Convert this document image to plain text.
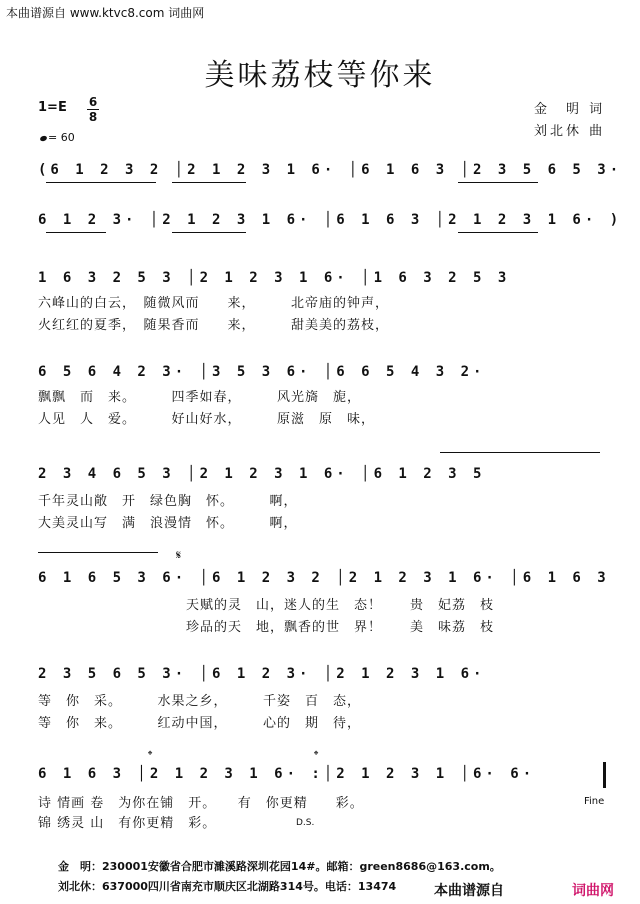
本曲谱源自 www.ktvc8.com 词曲网
美味荔枝等你来
1=E 6
8
= 60
金　明 词
刘北休 曲
(6 1 2 3 2 │2 1 2 3 1 6· │6 1 6 3 │2 3 5 6 5 3·
6 1 2 3· │2 1 2 3 1 6· │6 1 6 3 │2 1 2 3 1 6· )
1 6 3 2 5 3 │2 1 2 3 1 6· │1 6 3 2 5 3
六峰山的白云，　随微风而　　来，　　　北帝庙的钟声，
火红红的夏季，　随果香而　　来，　　　甜美美的荔枝，
6 5 6 4 2 3· │3 5 3 6· │6 6 5 4 3 2·
飘飘　而　来。　　　四季如春，　　　风光旖　旎，
人见　人　爱。　　　好山好水，　　　原滋　原　味，
2 3 4 6 5 3 │2 1 2 3 1 6· │6 1 2 3 5
千年灵山敞　开　绿色胸　怀。　　　啊，
大美灵山写　满　浪漫情　怀。　　　啊，
𝄋
6 1 6 5 3 6· │6 1 2 3 2 │2 1 2 3 1 6· │6 1 6 3
天赋的灵　山，迷人的生　态！　　贵　妃荔　枝
珍品的天　地，飘香的世　界！　　美　味荔　枝
2 3 5 6 5 3· │6 1 2 3· │2 1 2 3 1 6·
等　你　采。　　　水果之乡，　　　千姿　百　态，
等　你　来。　　　红动中国，　　　心的　期　待，
𝄌	𝄌
6 1 6 3 │2 1 2 3 1 6· :│2 1 2 3 1 │6· 6·
诗 情画 卷　为你在铺　开。　　有　你更精　　彩。
锦 绣灵 山　有你更精　彩。
Fine
D.S.
金　明：230001安徽省合肥市濉溪路深圳花园14#。邮箱：green8686@163.com。
刘北休：637000四川省南充市顺庆区北湖路314号。电话：13474	本曲谱源自	词曲网
